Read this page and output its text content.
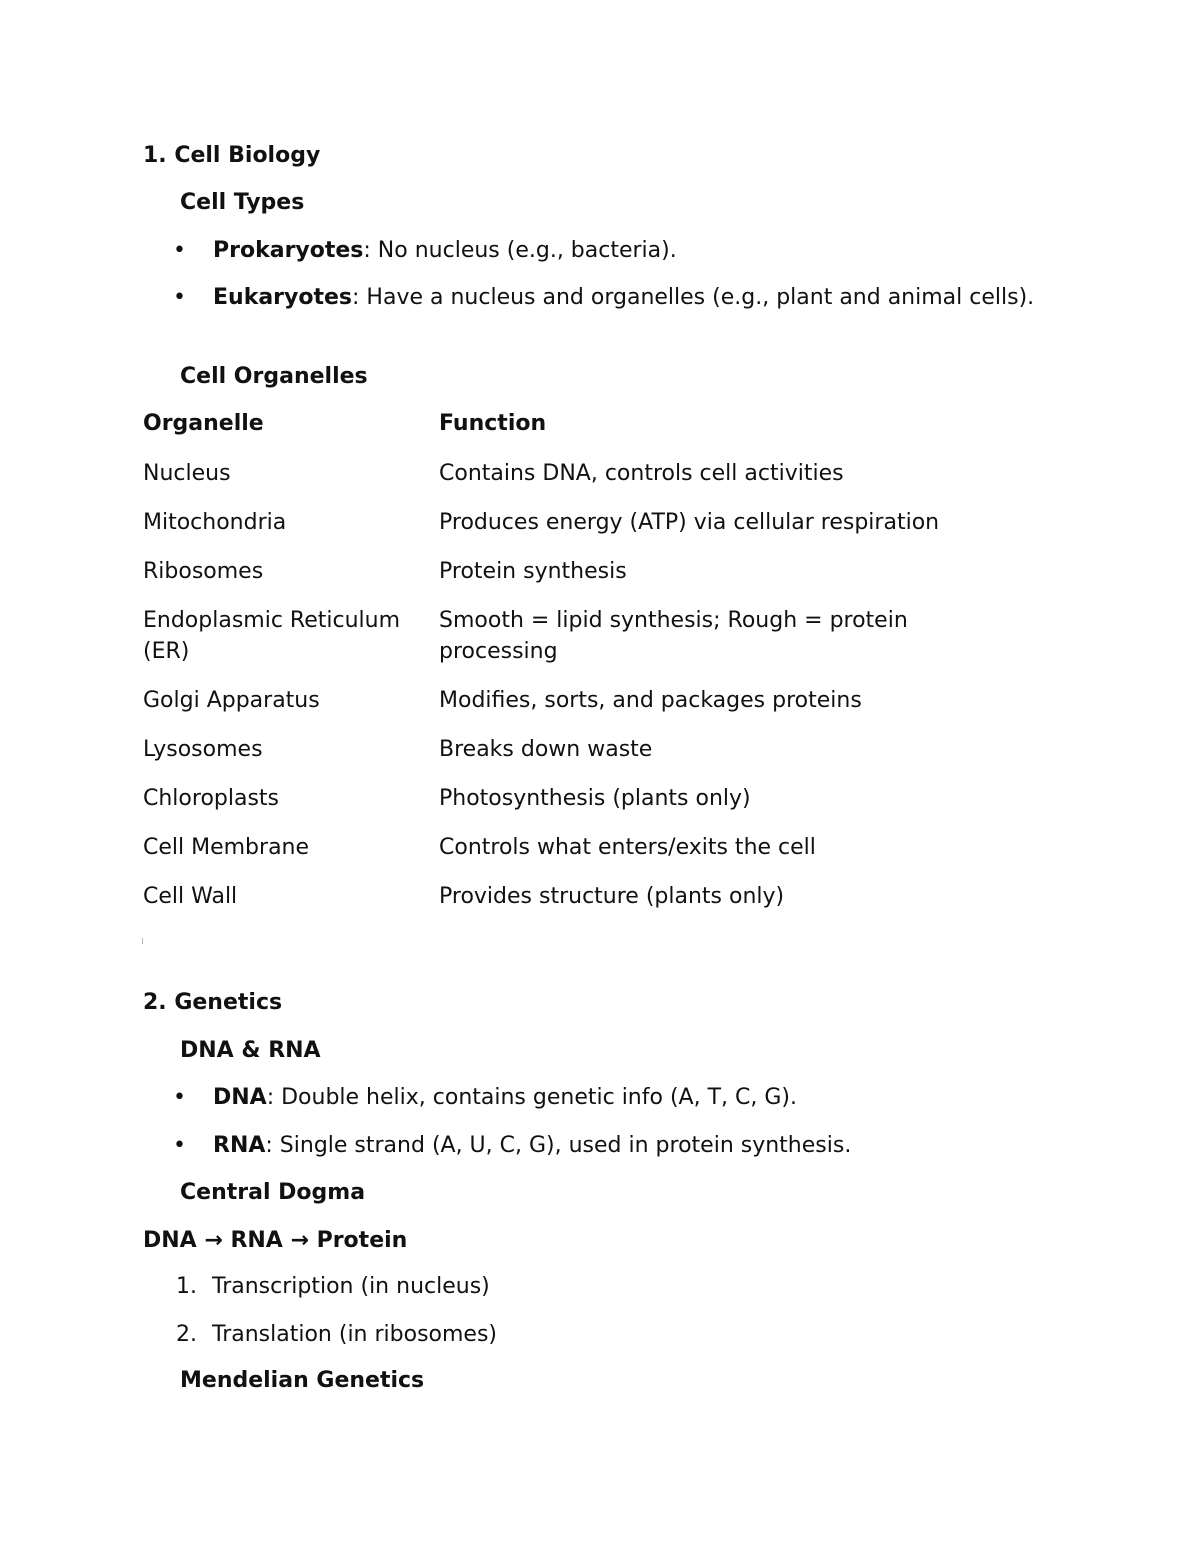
1. Cell Biology
Cell Types
• Prokaryotes: No nucleus (e.g., bacteria).
• Eukaryotes: Have a nucleus and organelles (e.g., plant and animal cells).
Cell Organelles
Organelle	Function
Nucleus	Contains DNA, controls cell activities
Mitochondria	Produces energy (ATP) via cellular respiration
Ribosomes	Protein synthesis
Endoplasmic Reticulum (ER)	Smooth = lipid synthesis; Rough = protein processing
Golgi Apparatus	Modifies, sorts, and packages proteins
Lysosomes	Breaks down waste
Chloroplasts	Photosynthesis (plants only)
Cell Membrane	Controls what enters/exits the cell
Cell Wall	Provides structure (plants only)
2. Genetics
DNA & RNA
• DNA: Double helix, contains genetic info (A, T, C, G).
• RNA: Single strand (A, U, C, G), used in protein synthesis.
Central Dogma

DNA → RNA → Protein

1. Transcription (in nucleus)
2. Translation (in ribosomes)
Mendelian Genetics
